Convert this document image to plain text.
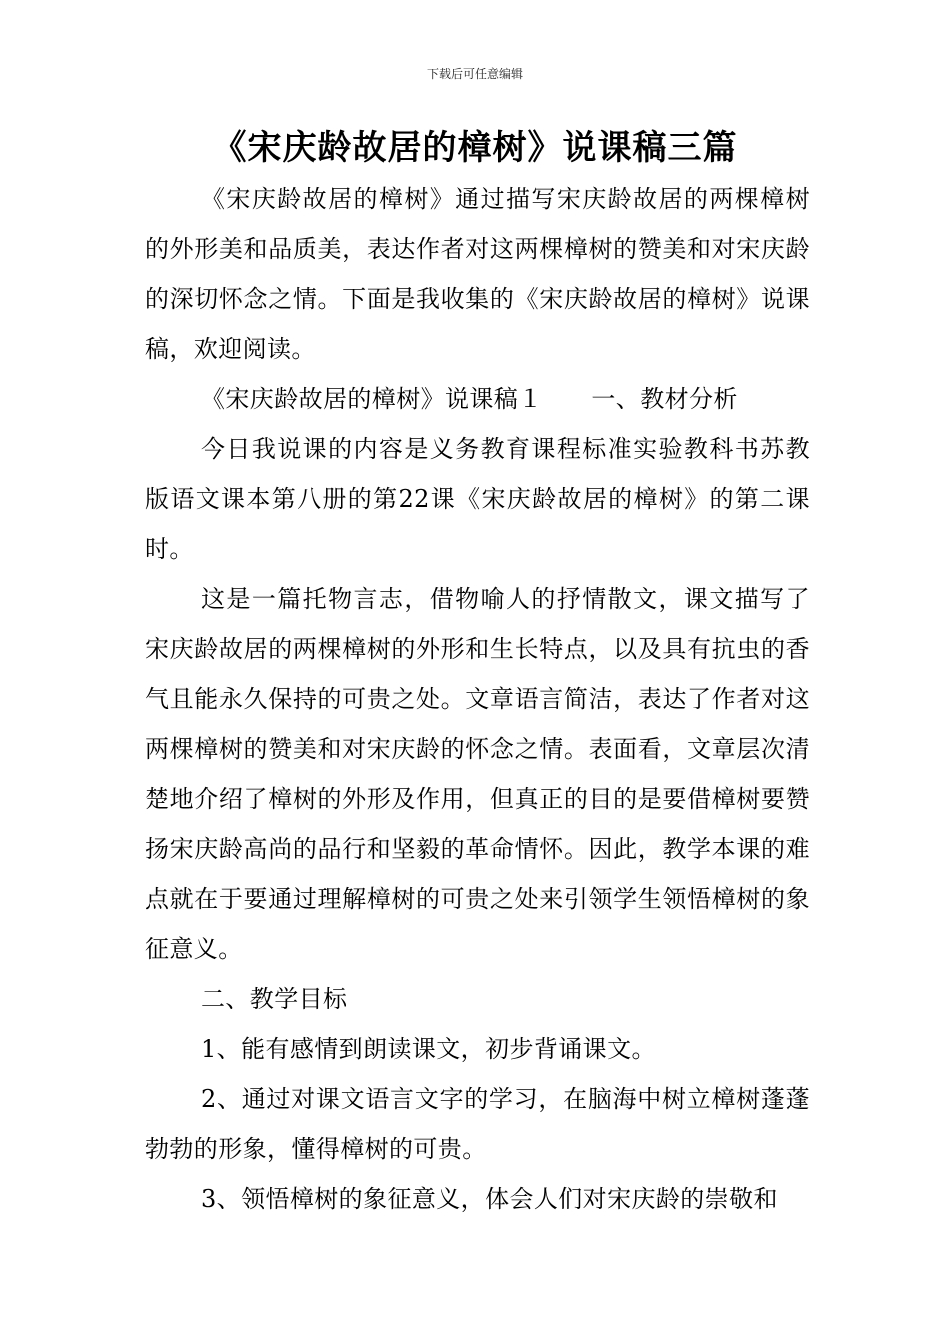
下载后可任意编辑
《宋庆龄故居的樟树》说课稿三篇

《宋庆龄故居的樟树》通过描写宋庆龄故居的两棵樟树的外形美和品质美，表达作者对这两棵樟树的赞美和对宋庆龄的深切怀念之情。下面是我收集的《宋庆龄故居的樟树》说课稿，欢迎阅读。

《宋庆龄故居的樟树》说课稿１　　一、教材分析

今日我说课的内容是义务教育课程标准实验教科书苏教版语文课本第八册的第22课《宋庆龄故居的樟树》的第二课时。

这是一篇托物言志，借物喻人的抒情散文，课文描写了宋庆龄故居的两棵樟树的外形和生长特点，以及具有抗虫的香气且能永久保持的可贵之处。文章语言简洁，表达了作者对这两棵樟树的赞美和对宋庆龄的怀念之情。表面看，文章层次清楚地介绍了樟树的外形及作用，但真正的目的是要借樟树要赞扬宋庆龄高尚的品行和坚毅的革命情怀。因此，教学本课的难点就在于要通过理解樟树的可贵之处来引领学生领悟樟树的象征意义。

二、教学目标

1、能有感情到朗读课文，初步背诵课文。

2、通过对课文语言文字的学习，在脑海中树立樟树蓬蓬勃勃的形象，懂得樟树的可贵。

3、领悟樟树的象征意义，体会人们对宋庆龄的崇敬和
